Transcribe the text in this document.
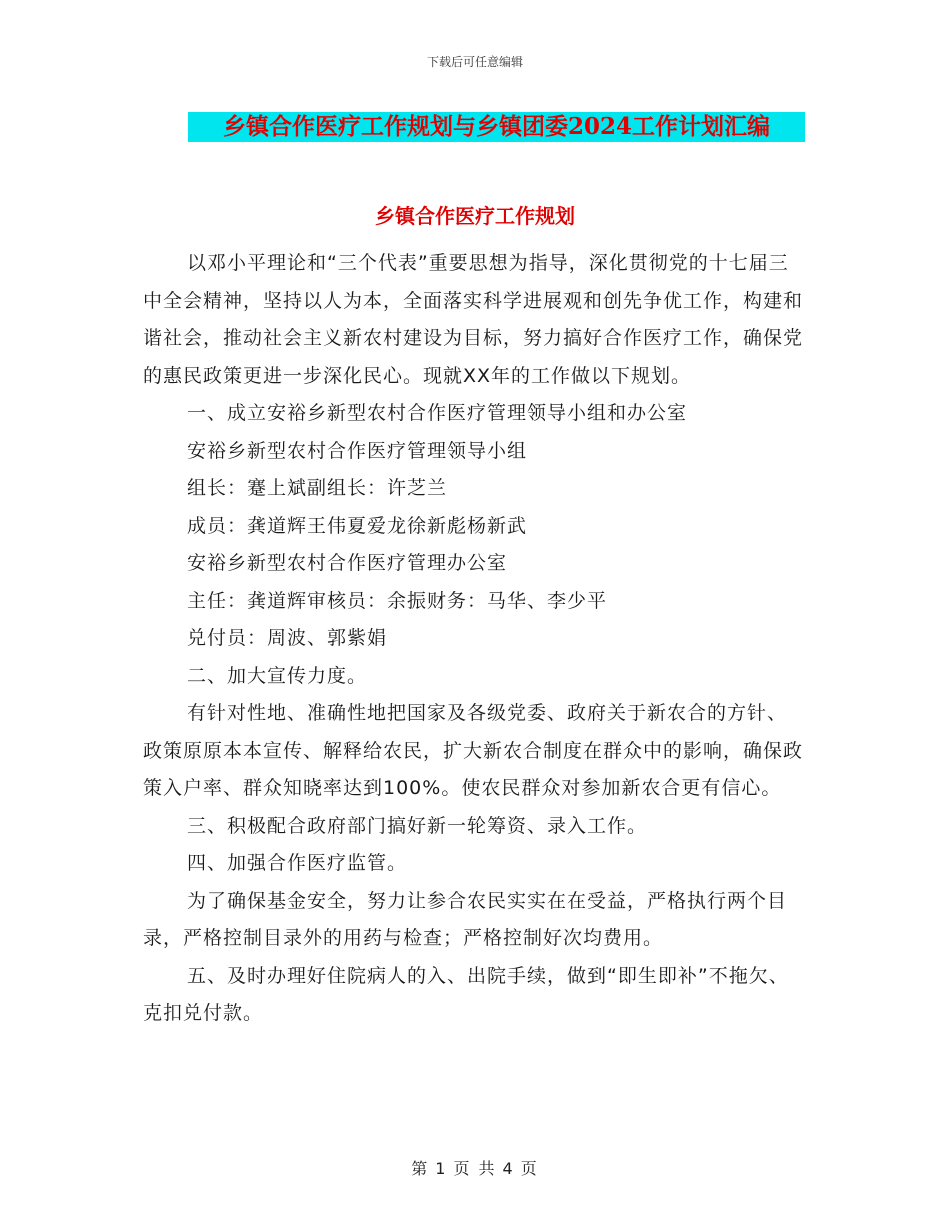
下载后可任意编辑
乡镇合作医疗工作规划与乡镇团委2024工作计划汇编
乡镇合作医疗工作规划

以邓小平理论和“三个代表”重要思想为指导，深化贯彻党的十七届三中全会精神，坚持以人为本，全面落实科学进展观和创先争优工作，构建和谐社会，推动社会主义新农村建设为目标，努力搞好合作医疗工作，确保党的惠民政策更进一步深化民心。现就XX年的工作做以下规划。

一、成立安裕乡新型农村合作医疗管理领导小组和办公室

安裕乡新型农村合作医疗管理领导小组

组长：蹇上斌副组长：许芝兰

成员：龚道辉王伟夏爱龙徐新彪杨新武

安裕乡新型农村合作医疗管理办公室

主任：龚道辉审核员：余振财务：马华、李少平

兑付员：周波、郭紫娟

二、加大宣传力度。

有针对性地、准确性地把国家及各级党委、政府关于新农合的方针、政策原原本本宣传、解释给农民，扩大新农合制度在群众中的影响，确保政策入户率、群众知晓率达到100%。使农民群众对参加新农合更有信心。

三、积极配合政府部门搞好新一轮筹资、录入工作。

四、加强合作医疗监管。

为了确保基金安全，努力让参合农民实实在在受益，严格执行两个目录，严格控制目录外的用药与检查；严格控制好次均费用。

五、及时办理好住院病人的入、出院手续，做到“即生即补”不拖欠、克扣兑付款。

第 1 页 共 4 页
